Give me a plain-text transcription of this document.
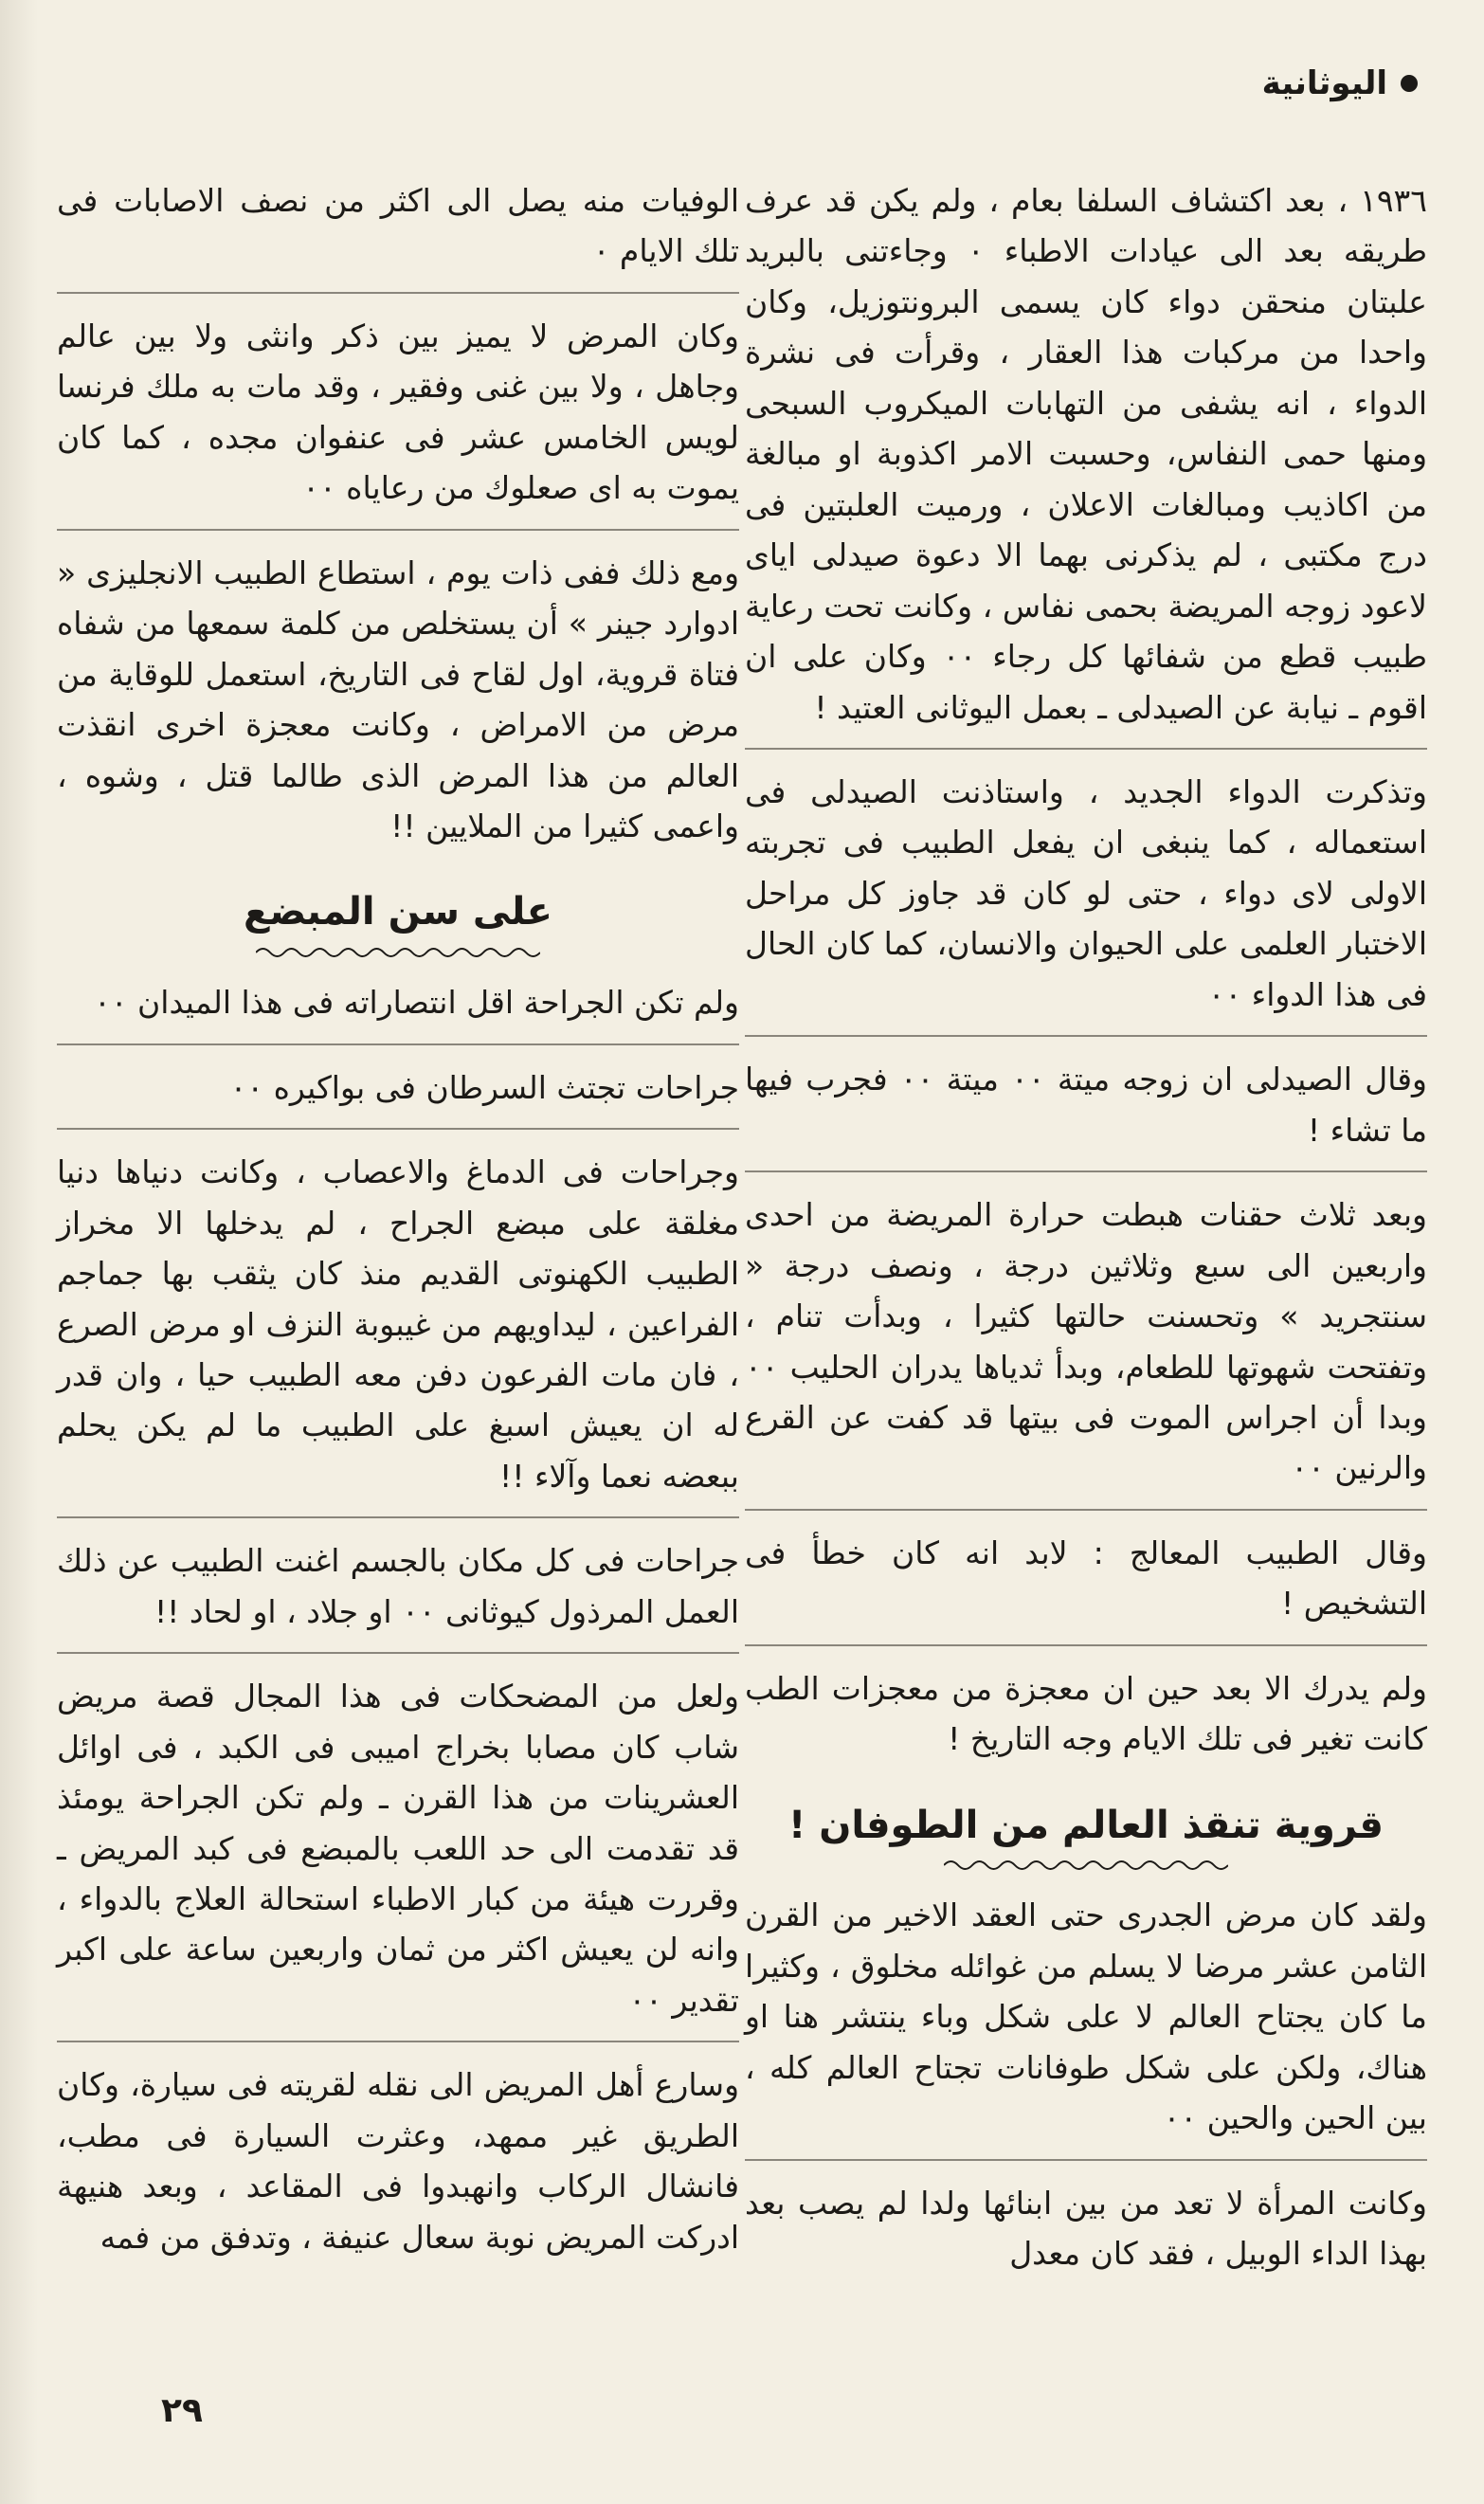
اليوثانية

١٩٣٦ ، بعد اكتشاف السلفا بعام ، ولم يكن قد عرف طريقه بعد الى عيادات الاطباء ٠ وجاءتنى بالبريد علبتان منحقن دواء كان يسمى البرونتوزيل، وكان واحدا من مركبات هذا العقار ، وقرأت فى نشرة الدواء ، انه يشفى من التهابات الميكروب السبحى ومنها حمى النفاس، وحسبت الامر اكذوبة او مبالغة من اكاذيب ومبالغات الاعلان ، ورميت العلبتين فى درج مكتبى ، لم يذكرنى بهما الا دعوة صيدلى اياى لاعود زوجه المريضة بحمى نفاس ، وكانت تحت رعاية طبيب قطع من شفائها كل رجاء ٠٠ وكان على ان اقوم ـ نيابة عن الصيدلى ـ بعمل اليوثانى العتيد !

وتذكرت الدواء الجديد ، واستاذنت الصيدلى فى استعماله ، كما ينبغى ان يفعل الطبيب فى تجربته الاولى لاى دواء ، حتى لو كان قد جاوز كل مراحل الاختبار العلمى على الحيوان والانسان، كما كان الحال فى هذا الدواء ٠٠

وقال الصيدلى ان زوجه ميتة ٠٠ ميتة ٠٠ فجرب فيها ما تشاء !

وبعد ثلاث حقنات هبطت حرارة المريضة من احدى واربعين الى سبع وثلاثين درجة ، ونصف درجة « سنتجريد » وتحسنت حالتها كثيرا ، وبدأت تنام ، وتفتحت شهوتها للطعام، وبدأ ثدياها يدران الحليب ٠٠ وبدا أن اجراس الموت فى بيتها قد كفت عن القرع والرنين ٠٠

وقال الطبيب المعالج : لابد انه كان خطأ فى التشخيص !

ولم يدرك الا بعد حين ان معجزة من معجزات الطب كانت تغير فى تلك الايام وجه التاريخ !

قروية تنقذ العالم من الطوفان !

ولقد كان مرض الجدرى حتى العقد الاخير من القرن الثامن عشر مرضا لا يسلم من غوائله مخلوق ، وكثيرا ما كان يجتاح العالم لا على شكل وباء ينتشر هنا او هناك، ولكن على شكل طوفانات تجتاح العالم كله ، بين الحين والحين ٠٠

وكانت المرأة لا تعد من بين ابنائها ولدا لم يصب بعد بهذا الداء الوبيل ، فقد كان معدل

الوفيات منه يصل الى اكثر من نصف الاصابات فى تلك الايام ٠

وكان المرض لا يميز بين ذكر وانثى ولا بين عالم وجاهل ، ولا بين غنى وفقير ، وقد مات به ملك فرنسا لويس الخامس عشر فى عنفوان مجده ، كما كان يموت به اى صعلوك من رعاياه ٠٠

ومع ذلك ففى ذات يوم ، استطاع الطبيب الانجليزى « ادوارد جينر » أن يستخلص من كلمة سمعها من شفاه فتاة قروية، اول لقاح فى التاريخ، استعمل للوقاية من مرض من الامراض ، وكانت معجزة اخرى انقذت العالم من هذا المرض الذى طالما قتل ، وشوه ، واعمى كثيرا من الملايين !!

على سن المبضع

ولم تكن الجراحة اقل انتصاراته فى هذا الميدان ٠٠

جراحات تجتث السرطان فى بواكيره ٠٠

وجراحات فى الدماغ والاعصاب ، وكانت دنياها دنيا مغلقة على مبضع الجراح ، لم يدخلها الا مخراز الطبيب الكهنوتى القديم منذ كان يثقب بها جماجم الفراعين ، ليداويهم من غيبوبة النزف او مرض الصرع ، فان مات الفرعون دفن معه الطبيب حيا ، وان قدر له ان يعيش اسبغ على الطبيب ما لم يكن يحلم ببعضه نعما وآلاء !!

جراحات فى كل مكان بالجسم اغنت الطبيب عن ذلك العمل المرذول كيوثانى ٠٠ او جلاد ، او لحاد !!

ولعل من المضحكات فى هذا المجال قصة مريض شاب كان مصابا بخراج اميبى فى الكبد ، فى اوائل العشرينات من هذا القرن ـ ولم تكن الجراحة يومئذ قد تقدمت الى حد اللعب بالمبضع فى كبد المريض ـ وقررت هيئة من كبار الاطباء استحالة العلاج بالدواء ، وانه لن يعيش اكثر من ثمان واربعين ساعة على اكبر تقدير ٠٠

وسارع أهل المريض الى نقله لقريته فى سيارة، وكان الطريق غير ممهد، وعثرت السيارة فى مطب، فانشال الركاب وانهبدوا فى المقاعد ، وبعد هنيهة ادركت المريض نوبة سعال عنيفة ، وتدفق من فمه

٢٩
